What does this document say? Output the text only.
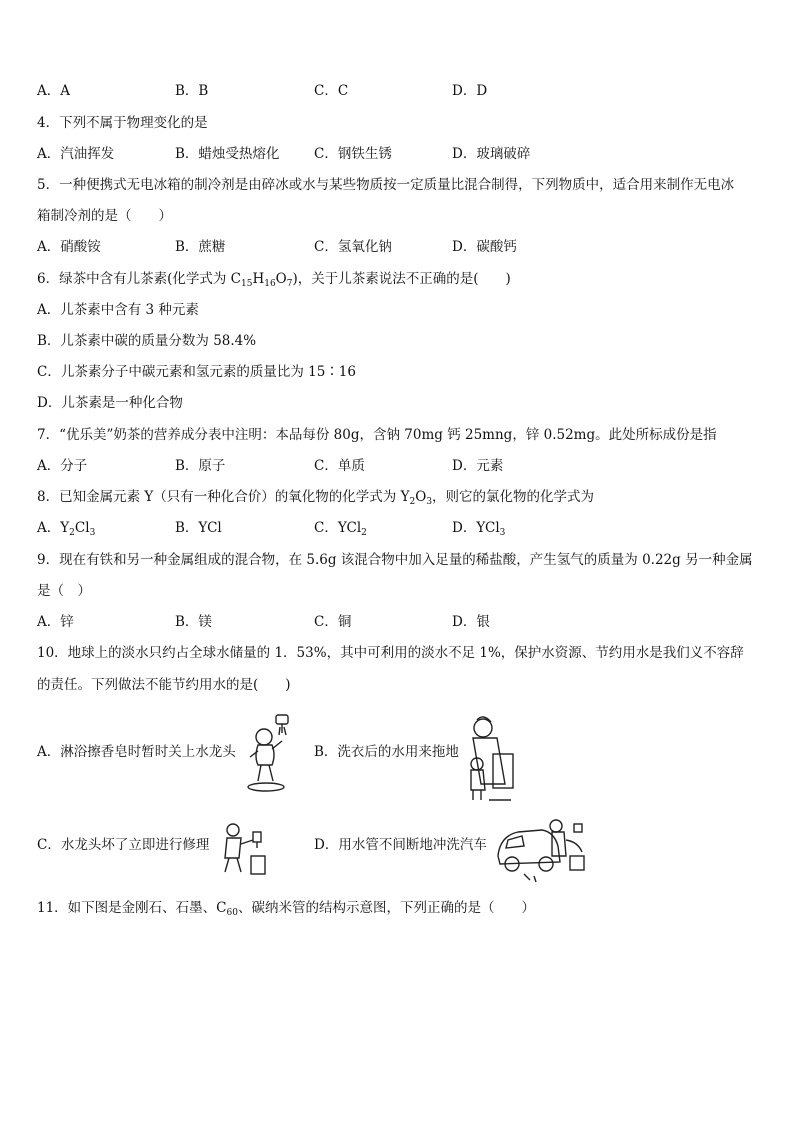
A．A	B．B	C．C	D．D
4．下列不属于物理变化的是
A．汽油挥发	B．蜡烛受热熔化	C．钢铁生锈	D．玻璃破碎
5．一种便携式无电冰箱的制冷剂是由碎冰或水与某些物质按一定质量比混合制得，下列物质中，适合用来制作无电冰
箱制冷剂的是（　　）
A．硝酸铵	B．蔗糖	C．氢氧化钠	D．碳酸钙
6．绿茶中含有儿茶素(化学式为 $C_{15}H_{16}O_7$)，关于儿茶素说法不正确的是(　　)
A．儿茶素中含有 3 种元素
B．儿茶素中碳的质量分数为 58.4%
C．儿茶素分子中碳元素和氢元素的质量比为 15∶16
D．儿茶素是一种化合物
7．“优乐美”奶茶的营养成分表中注明：本品每份 80g，含钠 70mg 钙 25mng，锌 0.52mg。此处所标成份是指
A．分子	B．原子	C．单质	D．元素
8．已知金属元素 Y（只有一种化合价）的氧化物的化学式为 $Y_2O_3$，则它的氯化物的化学式为
A．$Y_2Cl_3$	B．YCl	C．YCl$_2$	D．YCl$_3$
9．现在有铁和另一种金属组成的混合物，在 5.6g 该混合物中加入足量的稀盐酸，产生氢气的质量为 0.22g 另一种金属
是（　）
A．锌	B．镁	C．铜	D．银
10．地球上的淡水只约占全球水储量的 1．53%，其中可利用的淡水不足 1%，保护水资源、节约用水是我们义不容辞
的责任。下列做法不能节约用水的是(　　)
A．淋浴擦香皂时暂时关上水龙头	B．洗衣后的水用来拖地
C．水龙头坏了立即进行修理	D．用水管不间断地冲洗汽车
11．如下图是金刚石、石墨、$C_{60}$、碳纳米管的结构示意图，下列正确的是（　　）
